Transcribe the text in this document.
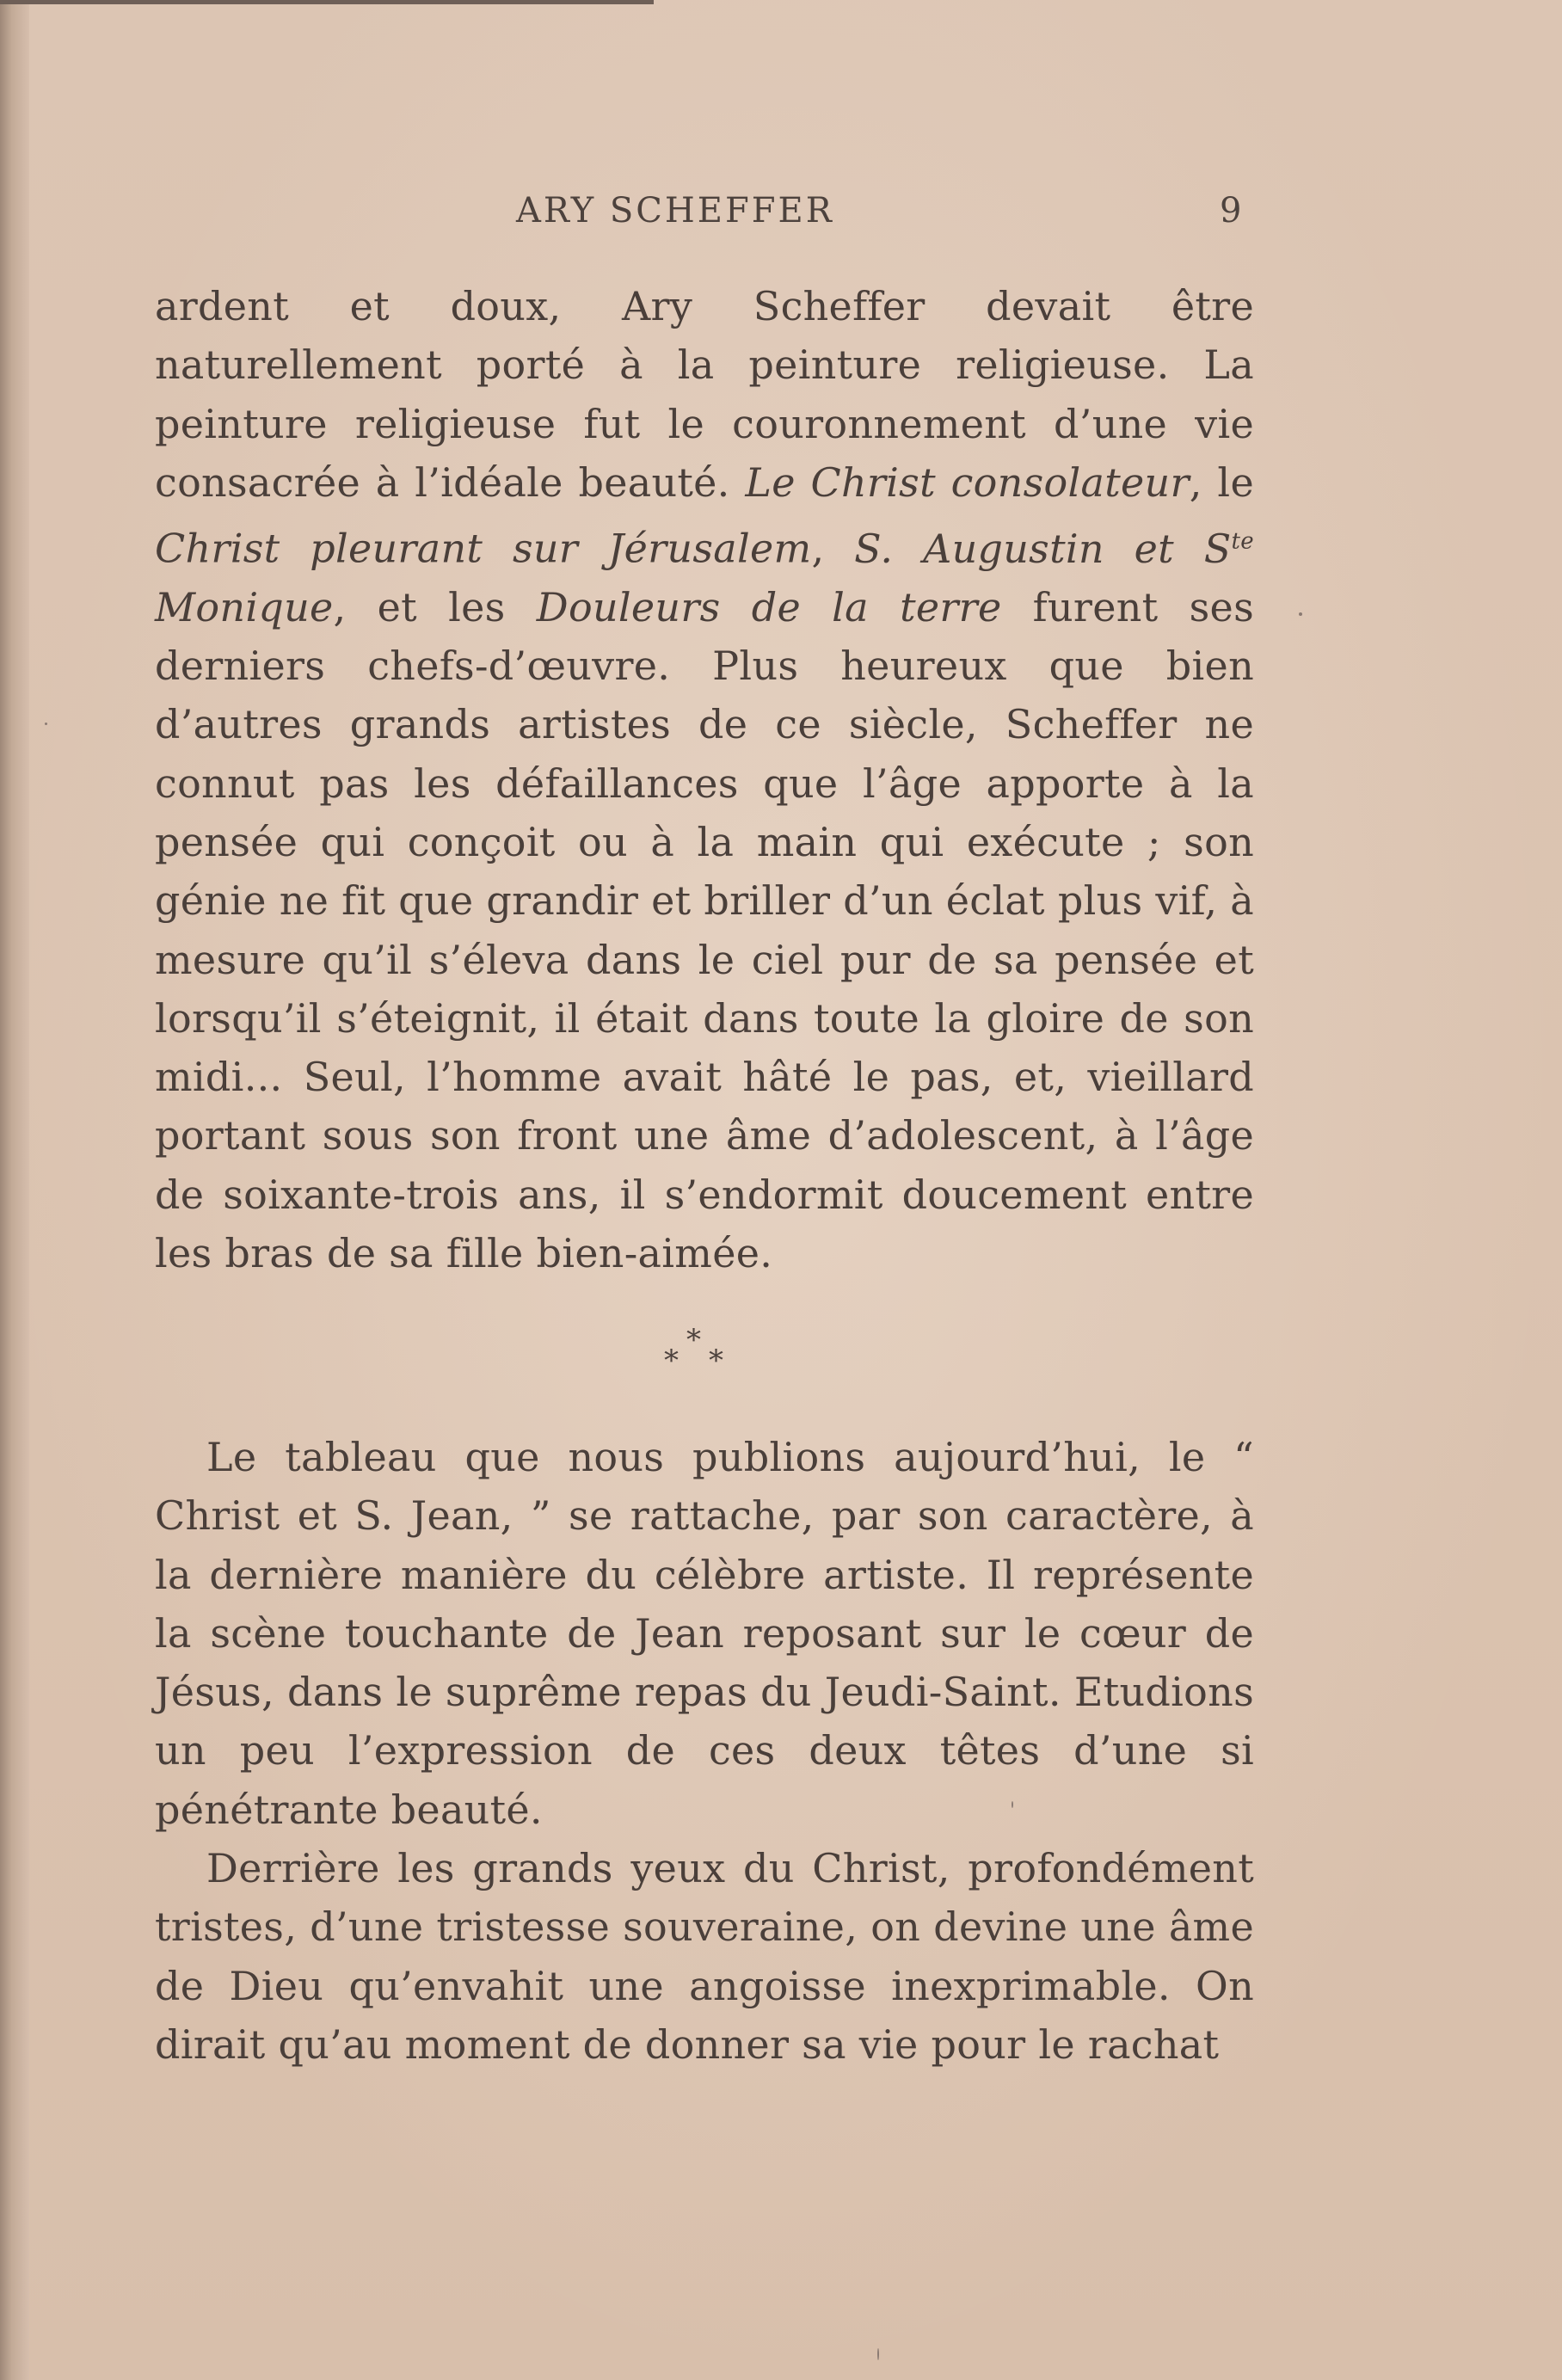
ARY SCHEFFER	9

ardent et doux, Ary Scheffer devait être naturellement porté à la peinture religieuse. La peinture religieuse fut le couronnement d’une vie consacrée à l’idéale beauté. Le Christ consolateur, le Christ pleurant sur Jérusalem, S. Augustin et $S^{te}$ Monique, et les Douleurs de la terre furent ses derniers chefs-d’œuvre. Plus heureux que bien d’autres grands artistes de ce siècle, Scheffer ne connut pas les défaillances que l’âge apporte à la pensée qui conçoit ou à la main qui exécute ; son génie ne fit que grandir et briller d’un éclat plus vif, à mesure qu’il s’éleva dans le ciel pur de sa pensée et lorsqu’il s’éteignit, il était dans toute la gloire de son midi... Seul, l’homme avait hâté le pas, et, vieillard portant sous son front une âme d’adolescent, à l’âge de soixante-trois ans, il s’endormit doucement entre les bras de sa fille bien-aimée.

*
* *

Le tableau que nous publions aujourd’hui, le “ Christ et S. Jean, ” se rattache, par son caractère, à la dernière manière du célèbre artiste. Il représente la scène touchante de Jean reposant sur le cœur de Jésus, dans le suprême repas du Jeudi-Saint. Etudions un peu l’expression de ces deux têtes d’une si pénétrante beauté.

Derrière les grands yeux du Christ, profondément tristes, d’une tristesse souveraine, on devine une âme de Dieu qu’envahit une angoisse inexprimable. On dirait qu’au moment de donner sa vie pour le rachat
